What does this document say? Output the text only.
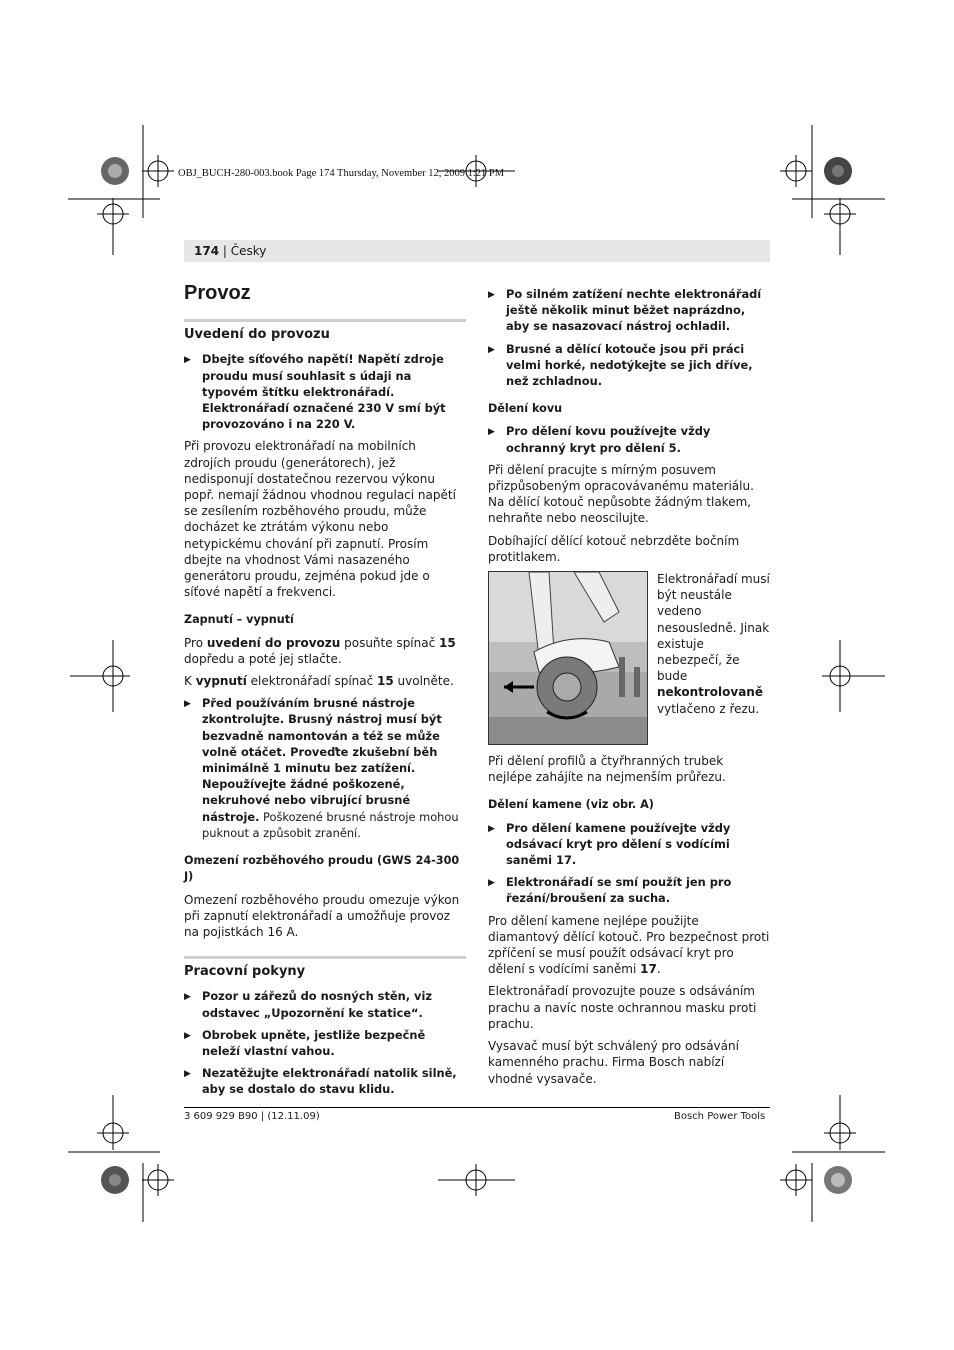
OBJ_BUCH-280-003.book Page 174 Thursday, November 12, 2009 1:21 PM
174 | Česky
Provoz
Uvedení do provozu
▶ Dbejte síťového napětí! Napětí zdroje proudu musí souhlasit s údaji na typovém štítku elektronářadí. Elektronářadí označené 230 V smí být provozováno i na 220 V.

Při provozu elektronářadí na mobilních zdrojích proudu (generátorech), jež nedisponují dostatečnou rezervou výkonu popř. nemají žádnou vhodnou regulaci napětí se zesílením rozběhového proudu, může docházet ke ztrátám výkonu nebo netypickému chování při zapnutí. Prosím dbejte na vhodnost Vámi nasazeného generátoru proudu, zejména pokud jde o síťové napětí a frekvenci.

Zapnutí – vypnutí

Pro uvedení do provozu posuňte spínač 15 dopředu a poté jej stlačte.

K vypnutí elektronářadí spínač 15 uvolněte.

▶ Před používáním brusné nástroje zkontrolujte. Brusný nástroj musí být bezvadně namontován a též se může volně otáčet. Proveďte zkušební běh minimálně 1 minutu bez zatížení. Nepoužívejte žádné poškozené, nekruhové nebo vibrující brusné nástroje. Poškozené brusné nástroje mohou puknout a způsobit zranění.
Omezení rozběhového proudu (GWS 24-300 J)

Omezení rozběhového proudu omezuje výkon při zapnutí elektronářadí a umožňuje provoz na pojistkách 16 A.

Pracovní pokyny
▶ Pozor u zářezů do nosných stěn, viz odstavec „Upozornění ke statice“.
▶ Obrobek upněte, jestliže bezpečně neleží vlastní vahou.
▶ Nezatěžujte elektronářadí natolik silně, aby se dostalo do stavu klidu.
▶ Po silném zatížení nechte elektronářadí ještě několik minut běžet naprázdno, aby se nasazovací nástroj ochladil.
▶ Brusné a dělící kotouče jsou při práci velmi horké, nedotýkejte se jich dříve, než zchladnou.
Dělení kovu
▶ Pro dělení kovu používejte vždy ochranný kryt pro dělení 5.

Při dělení pracujte s mírným posuvem přizpůsobeným opracovávanému materiálu. Na dělící kotouč nepůsobte žádným tlakem, nehraňte nebo neoscilujte.

Dobíhající dělící kotouč nebrzděte bočním protitlakem.

Elektronářadí musí být neustále vedeno nesousledně. Jinak existuje nebezpečí, že bude nekontrolovaně vytlačeno z řezu.

Při dělení profilů a čtyřhranných trubek nejlépe zahájíte na nejmenším průřezu.

Dělení kamene (viz obr. A)
▶ Pro dělení kamene používejte vždy odsávací kryt pro dělení s vodícími saněmi 17.
▶ Elektronářadí se smí použít jen pro řezání/broušení za sucha.

Pro dělení kamene nejlépe použijte diamantový dělící kotouč. Pro bezpečnost proti zpříčení se musí použít odsávací kryt pro dělení s vodícími saněmi 17.

Elektronářadí provozujte pouze s odsáváním prachu a navíc noste ochrannou masku proti prachu.

Vysavač musí být schválený pro odsávání kamenného prachu. Firma Bosch nabízí vhodné vysavače.

3 609 929 B90 | (12.11.09)	Bosch Power Tools
